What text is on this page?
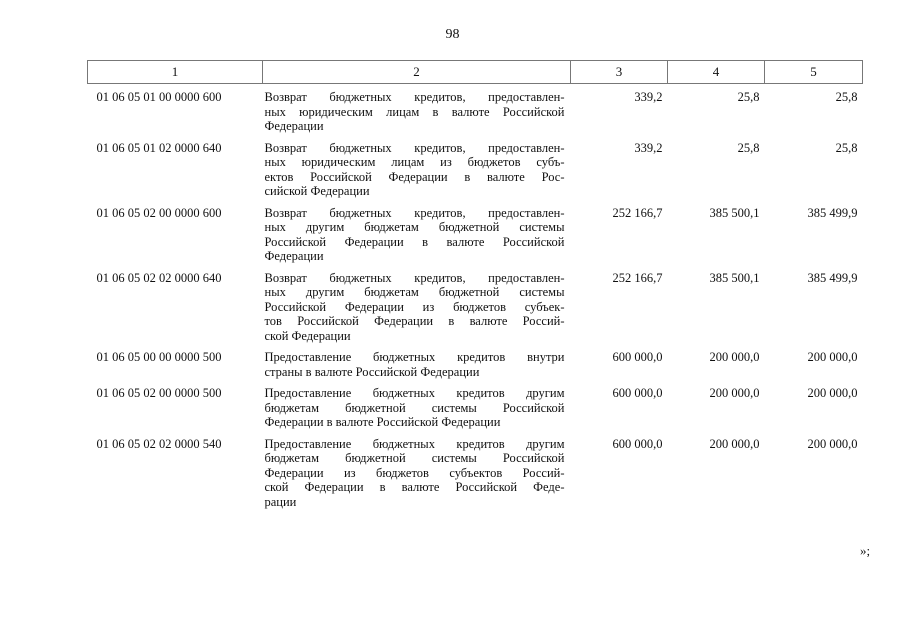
98
1	2	3	4	5
01 06 05 01 00 0000 600	Возврат бюджетных кредитов, предоставлен-
ных юридическим лицам в валюте Российской
Федерации	339,2	25,8	25,8
01 06 05 01 02 0000 640	Возврат бюджетных кредитов, предоставлен-
ных юридическим лицам из бюджетов субъ-
ектов Российской Федерации в валюте Рос-
сийской Федерации	339,2	25,8	25,8
01 06 05 02 00 0000 600	Возврат бюджетных кредитов, предоставлен-
ных другим бюджетам бюджетной системы
Российской Федерации в валюте Российской
Федерации	252 166,7	385 500,1	385 499,9
01 06 05 02 02 0000 640	Возврат бюджетных кредитов, предоставлен-
ных другим бюджетам бюджетной системы
Российской Федерации из бюджетов субъек-
тов Российской Федерации в валюте Россий-
ской Федерации	252 166,7	385 500,1	385 499,9
01 06 05 00 00 0000 500	Предоставление бюджетных кредитов внутри
страны в валюте Российской Федерации	600 000,0	200 000,0	200 000,0
01 06 05 02 00 0000 500	Предоставление бюджетных кредитов другим
бюджетам бюджетной системы Российской
Федерации в валюте Российской Федерации	600 000,0	200 000,0	200 000,0
01 06 05 02 02 0000 540	Предоставление бюджетных кредитов другим
бюджетам бюджетной системы Российской
Федерации из бюджетов субъектов Россий-
ской Федерации в валюте Российской Феде-
рации	600 000,0	200 000,0	200 000,0
»;
